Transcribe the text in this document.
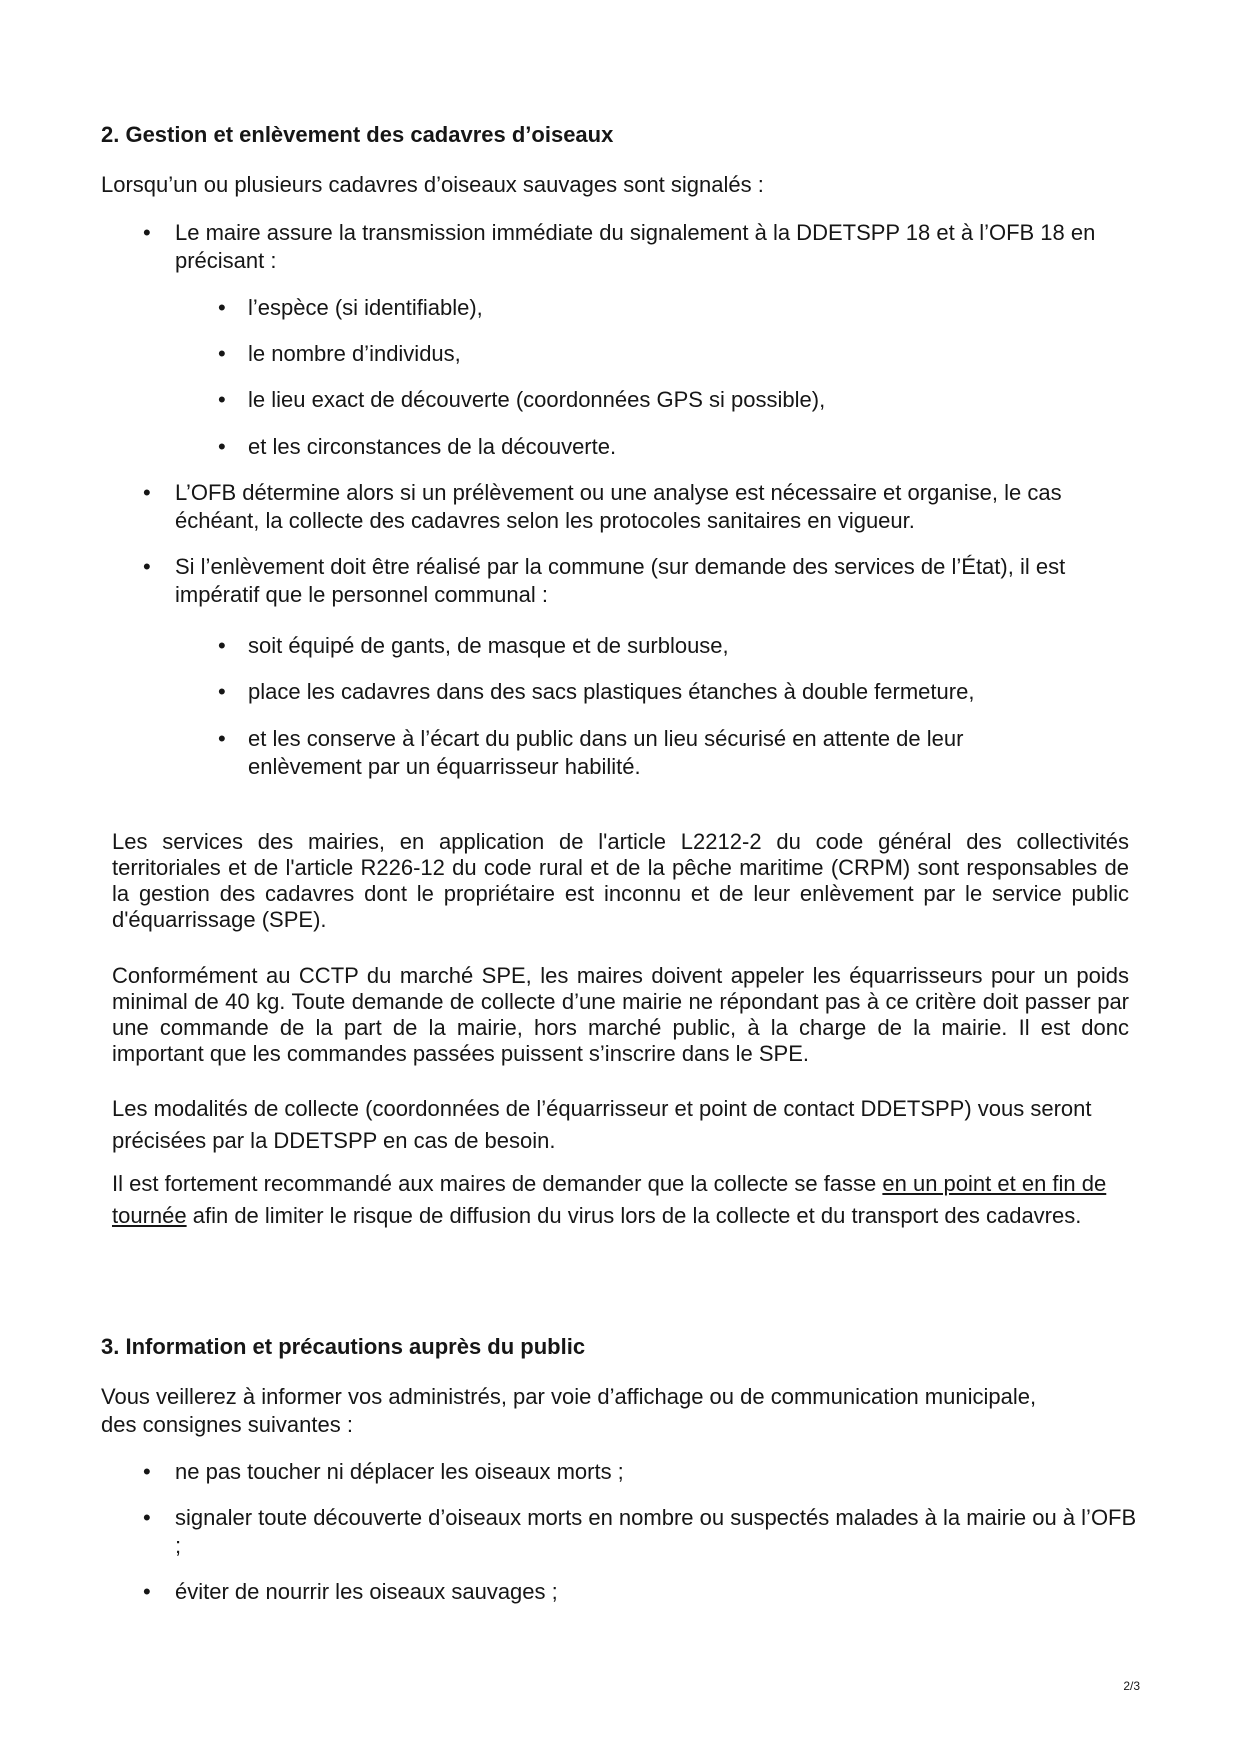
2. Gestion et enlèvement des cadavres d’oiseaux
Lorsqu’un ou plusieurs cadavres d’oiseaux sauvages sont signalés :
• Le maire assure la transmission immédiate du signalement à la DDETSPP 18 et à l’OFB 18 en précisant :
• l’espèce (si identifiable),
• le nombre d’individus,
• le lieu exact de découverte (coordonnées GPS si possible),
• et les circonstances de la découverte.
• L’OFB détermine alors si un prélèvement ou une analyse est nécessaire et organise, le cas échéant, la collecte des cadavres selon les protocoles sanitaires en vigueur.
• Si l’enlèvement doit être réalisé par la commune (sur demande des services de l’État), il est impératif que le personnel communal :
• soit équipé de gants, de masque et de surblouse,
• place les cadavres dans des sacs plastiques étanches à double fermeture,
• et les conserve à l’écart du public dans un lieu sécurisé en attente de leur enlèvement par un équarrisseur habilité.
Les services des mairies, en application de l'article L2212-2 du code général des collectivités territoriales et de l'article R226-12 du code rural et de la pêche maritime (CRPM) sont responsables de la gestion des cadavres dont le propriétaire est inconnu et de leur enlèvement par le service public d'équarrissage (SPE).
Conformément au CCTP du marché SPE, les maires doivent appeler les équarrisseurs pour un poids minimal de 40 kg. Toute demande de collecte d’une mairie ne répondant pas à ce critère doit passer par une commande de la part de la mairie, hors marché public, à la charge de la mairie. Il est donc important que les commandes passées puissent s’inscrire dans le SPE.
Les modalités de collecte (coordonnées de l’équarrisseur et point de contact DDETSPP) vous seront précisées par la DDETSPP en cas de besoin.
Il est fortement recommandé aux maires de demander que la collecte se fasse en un point et en fin de tournée afin de limiter le risque de diffusion du virus lors de la collecte et du transport des cadavres.
3. Information et précautions auprès du public
Vous veillerez à informer vos administrés, par voie d’affichage ou de communication municipale, des consignes suivantes :
• ne pas toucher ni déplacer les oiseaux morts ;
• signaler toute découverte d’oiseaux morts en nombre ou suspectés malades à la mairie ou à l’OFB ;
• éviter de nourrir les oiseaux sauvages ;
2/3
